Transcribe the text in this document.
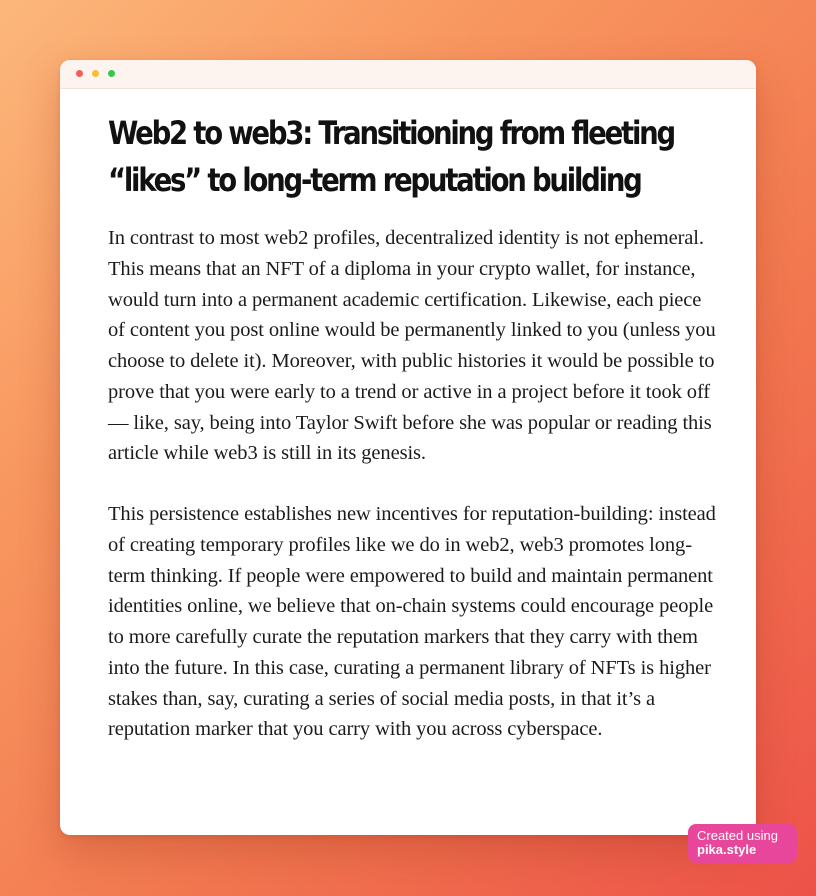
Web2 to web3: Transitioning from fleeting “likes” to long-term reputation building

In contrast to most web2 profiles, decentralized identity is not ephemeral. This means that an NFT of a diploma in your crypto wallet, for instance, would turn into a permanent academic certification. Likewise, each piece of content you post online would be permanently linked to you (unless you choose to delete it). Moreover, with public histories it would be possible to prove that you were early to a trend or active in a project before it took off — like, say, being into Taylor Swift before she was popular or reading this article while web3 is still in its genesis.

This persistence establishes new incentives for reputation-building: instead of creating temporary profiles like we do in web2, web3 promotes long-term thinking. If people were empowered to build and maintain permanent identities online, we believe that on-chain systems could encourage people to more carefully curate the reputation markers that they carry with them into the future. In this case, curating a permanent library of NFTs is higher stakes than, say, curating a series of social media posts, in that it’s a reputation marker that you carry with you across cyberspace.

Created using
pika.style
